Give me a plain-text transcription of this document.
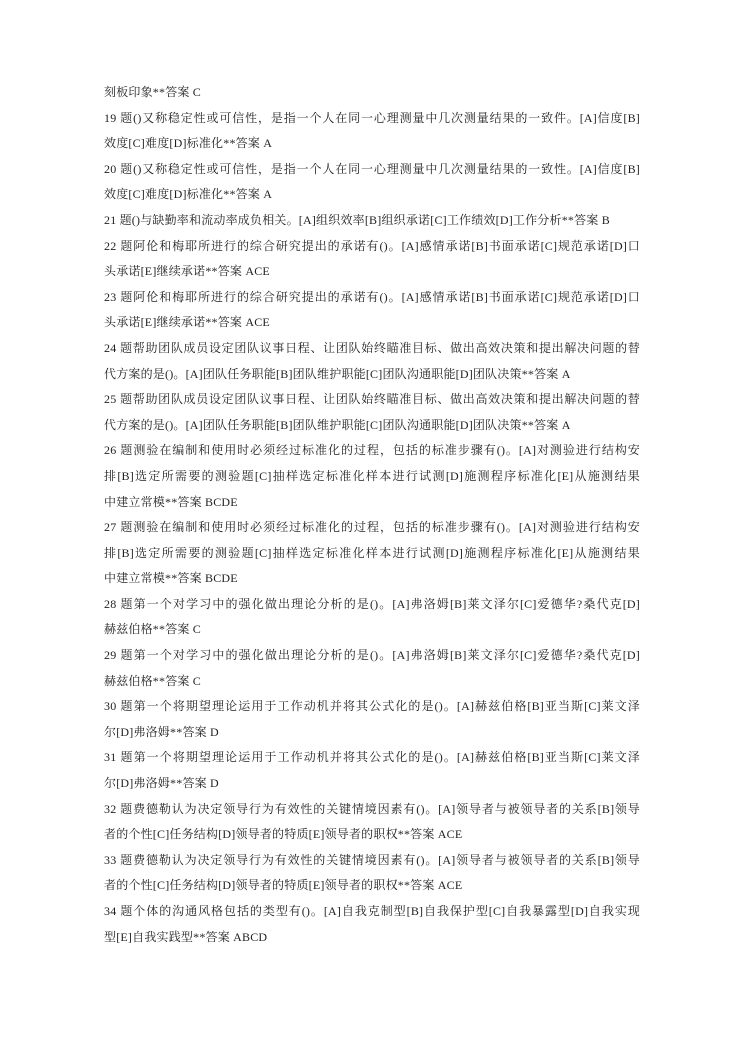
刻板印象**答案 C
19 题()又称稳定性或可信性，是指一个人在同一心理测量中几次测量结果的一致件。[A]信度[B]
效度[C]难度[D]标准化**答案 A
20 题()又称稳定性或可信性，是指一个人在同一心理测量中几次测量结果的一致性。[A]信度[B]
效度[C]难度[D]标准化**答案 A
21 题()与缺勤率和流动率成负相关。[A]组织效率[B]组织承诺[C]工作绩效[D]工作分析**答案 B
22 题阿伦和梅耶所进行的综合研究提出的承诺有()。[A]感情承诺[B]书面承诺[C]规范承诺[D]口
头承诺[E]继续承诺**答案 ACE
23 题阿伦和梅耶所进行的综合研究提出的承诺有()。[A]感情承诺[B]书面承诺[C]规范承诺[D]口
头承诺[E]继续承诺**答案 ACE
24 题帮助团队成员设定团队议事日程、让团队始终瞄准目标、做出高效决策和提出解决问题的替
代方案的是()。[A]团队任务职能[B]团队维护职能[C]团队沟通职能[D]团队决策**答案 A
25 题帮助团队成员设定团队议事日程、让团队始终瞄准目标、做出高效决策和提出解决问题的替
代方案的是()。[A]团队任务职能[B]团队维护职能[C]团队沟通职能[D]团队决策**答案 A
26 题测验在编制和使用时必须经过标准化的过程，包括的标准步骤有()。[A]对测验进行结构安
排[B]选定所需要的测验题[C]抽样选定标准化样本进行试测[D]施测程序标准化[E]从施测结果
中建立常模**答案 BCDE
27 题测验在编制和使用时必须经过标准化的过程，包括的标准步骤有()。[A]对测验进行结构安
排[B]选定所需要的测验题[C]抽样选定标准化样本进行试测[D]施测程序标准化[E]从施测结果
中建立常模**答案 BCDE
28 题第一个对学习中的强化做出理论分析的是()。[A]弗洛姆[B]莱文泽尔[C]爱德华?桑代克[D]
赫兹伯格**答案 C
29 题第一个对学习中的强化做出理论分析的是()。[A]弗洛姆[B]莱文泽尔[C]爱德华?桑代克[D]
赫兹伯格**答案 C
30 题第一个将期望理论运用于工作动机并将其公式化的是()。[A]赫兹伯格[B]亚当斯[C]莱文泽
尔[D]弗洛姆**答案 D
31 题第一个将期望理论运用于工作动机并将其公式化的是()。[A]赫兹伯格[B]亚当斯[C]莱文泽
尔[D]弗洛姆**答案 D
32 题费德勒认为决定领导行为有效性的关键情境因素有()。[A]领导者与被领导者的关系[B]领导
者的个性[C]任务结构[D]领导者的特质[E]领导者的职权**答案 ACE
33 题费德勒认为决定领导行为有效性的关键情境因素有()。[A]领导者与被领导者的关系[B]领导
者的个性[C]任务结构[D]领导者的特质[E]领导者的职权**答案 ACE
34 题个体的沟通风格包括的类型有()。[A]自我克制型[B]自我保护型[C]自我暴露型[D]自我实现
型[E]自我实践型**答案 ABCD
